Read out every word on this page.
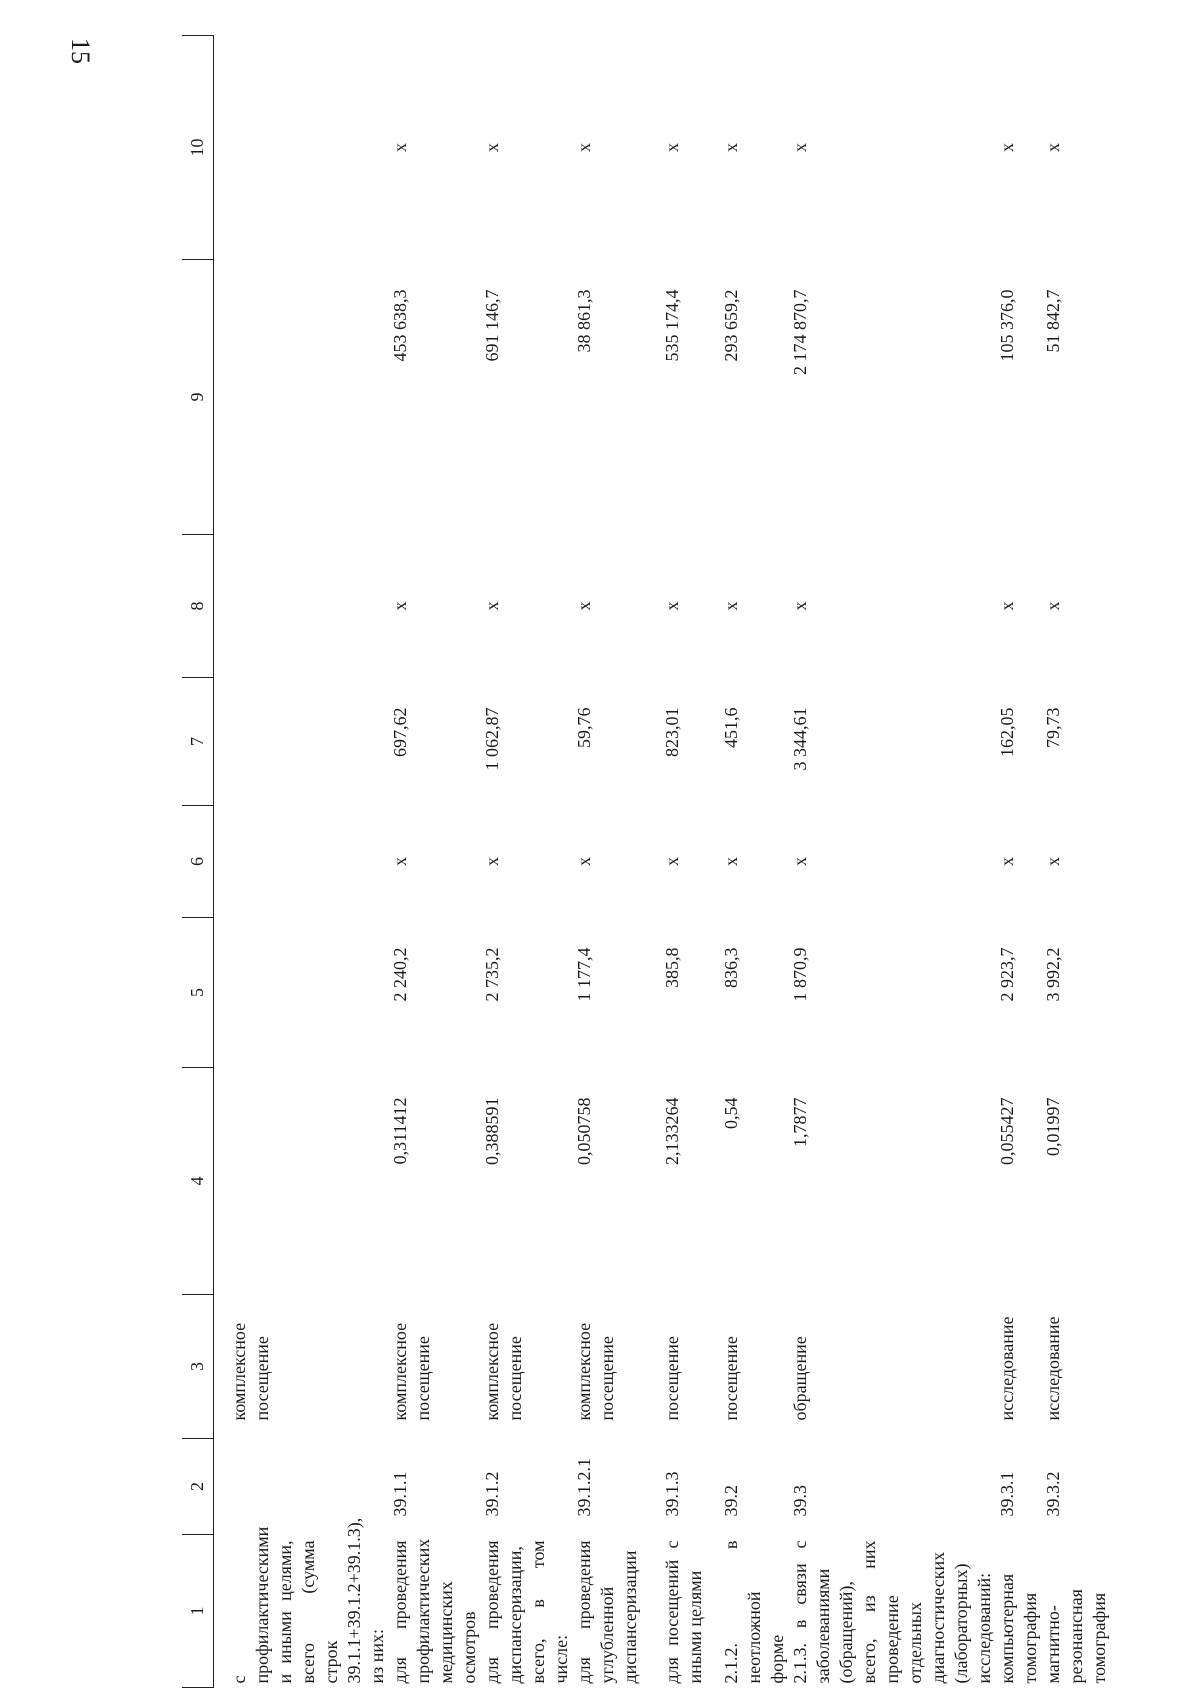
15
1	2	3	4	5	6	7	8	9	10
с профилактическими и иными целями, всего (сумма строк 39.1.1+39.1.2+39.1.3), из них:		комплексное посещение							
для проведения профилактических медицинских осмотров	39.1.1	комплексное посещение	0,311412	2 240,2	х	697,62	х	453 638,3	х
для проведения диспансеризации, всего, в том числе:	39.1.2	комплексное посещение	0,388591	2 735,2	х	1 062,87	х	691 146,7	х
для проведения углубленной диспансеризации	39.1.2.1	комплексное посещение	0,050758	1 177,4	х	59,76	х	38 861,3	х
для посещений с иными целями	39.1.3	посещение	2,133264	385,8	х	823,01	х	535 174,4	х
2.1.2. в неотложной форме	39.2	посещение	0,54	836,3	х	451,6	х	293 659,2	х
2.1.3. в связи с заболеваниями (обращений), всего, из них проведение отдельных диагностических (лабораторных) исследований:	39.3	обращение	1,7877	1 870,9	х	3 344,61	х	2 174 870,7	х
компьютерная томография	39.3.1	исследование	0,055427	2 923,7	х	162,05	х	105 376,0	х
магнитно-резонансная томография	39.3.2	исследование	0,01997	3 992,2	х	79,73	х	51 842,7	х
